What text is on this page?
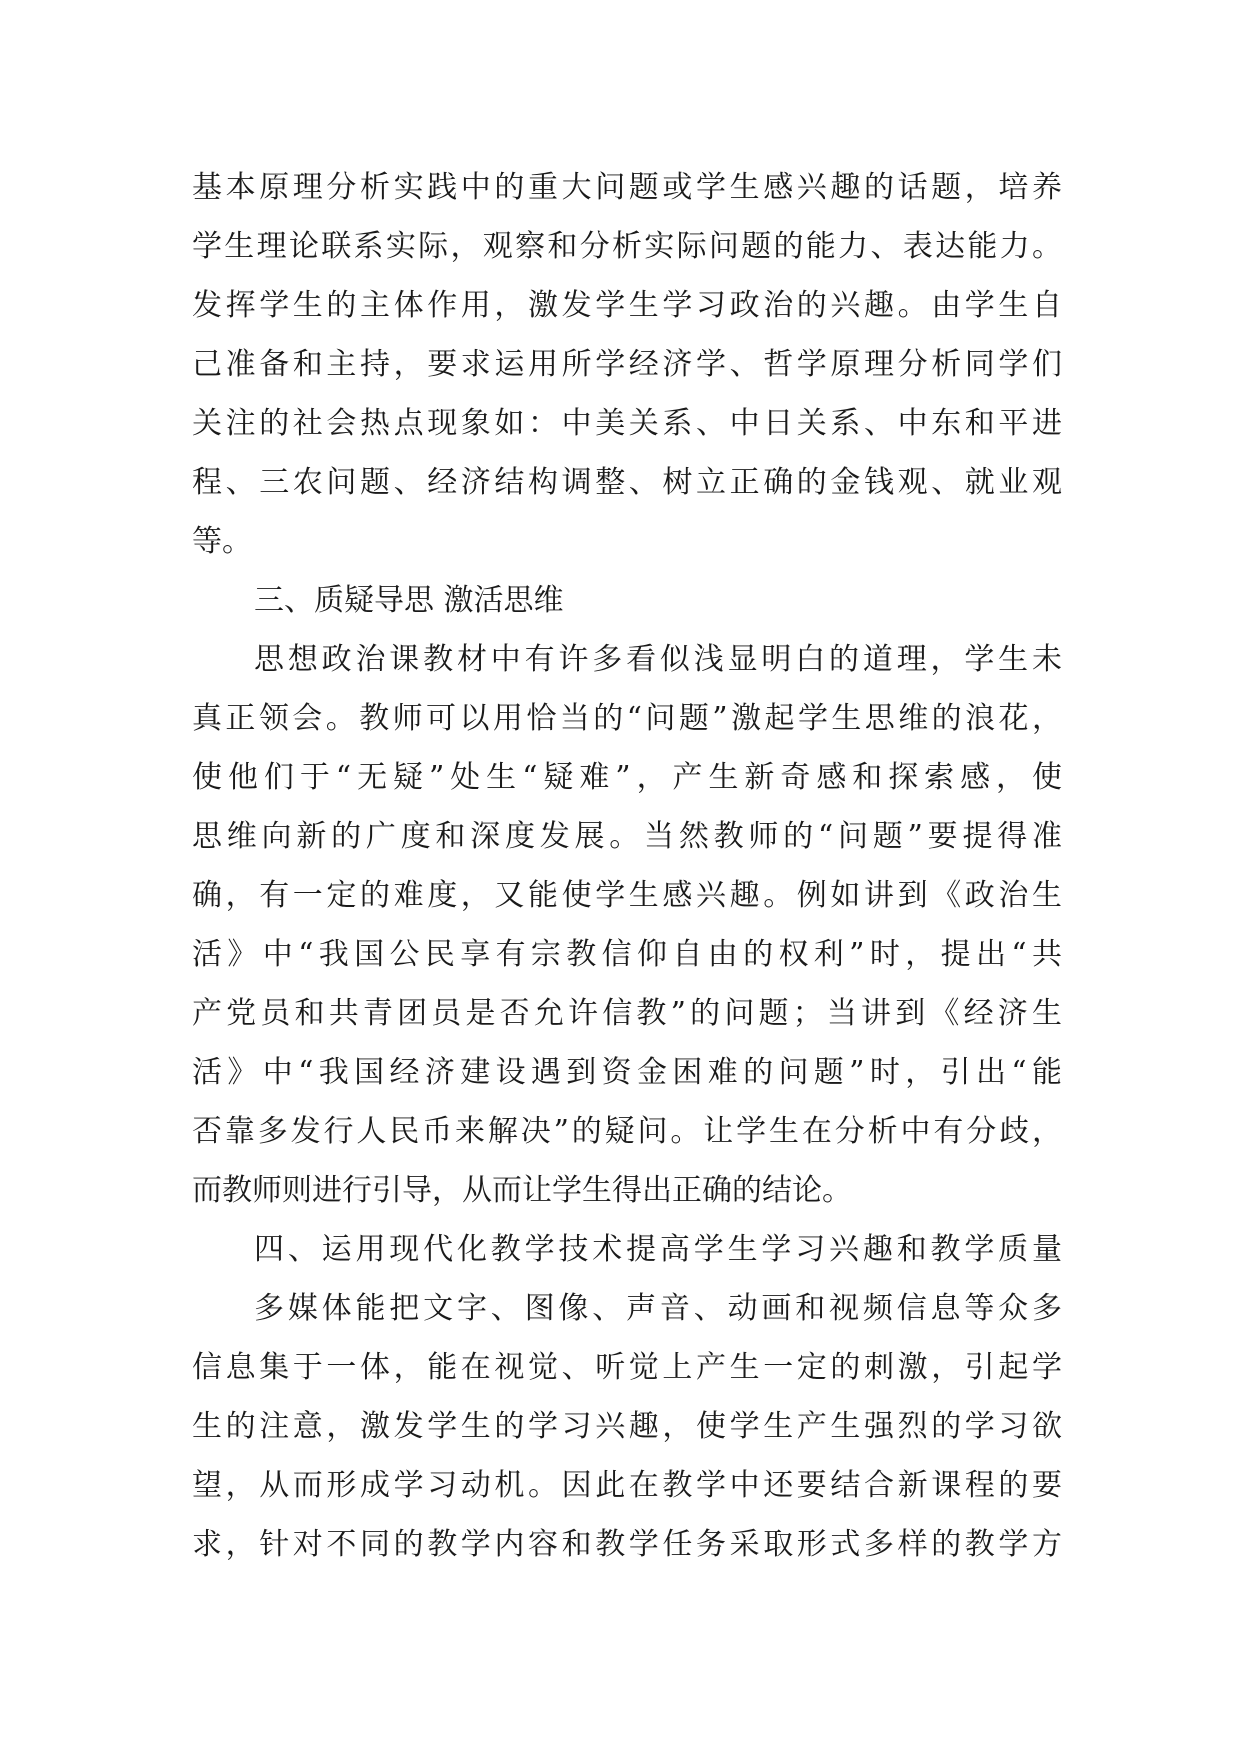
基本原理分析实践中的重大问题或学生感兴趣的话题，培养
学生理论联系实际，观察和分析实际问题的能力、表达能力。
发挥学生的主体作用，激发学生学习政治的兴趣。由学生自
己准备和主持，要求运用所学经济学、哲学原理分析同学们
关注的社会热点现象如：中美关系、中日关系、中东和平进
程、三农问题、经济结构调整、树立正确的金钱观、就业观
等。
三、质疑导思 激活思维
思想政治课教材中有许多看似浅显明白的道理，学生未
真正领会。教师可以用恰当的“问题”激起学生思维的浪花，
使他们于“无疑”处生“疑难”，产生新奇感和探索感，使
思维向新的广度和深度发展。当然教师的“问题”要提得准
确，有一定的难度，又能使学生感兴趣。例如讲到《政治生
活》中“我国公民享有宗教信仰自由的权利”时，提出“共
产党员和共青团员是否允许信教”的问题；当讲到《经济生
活》中“我国经济建设遇到资金困难的问题”时，引出“能
否靠多发行人民币来解决”的疑问。让学生在分析中有分歧，
而教师则进行引导，从而让学生得出正确的结论。
四、运用现代化教学技术提高学生学习兴趣和教学质量
多媒体能把文字、图像、声音、动画和视频信息等众多
信息集于一体，能在视觉、听觉上产生一定的刺激，引起学
生的注意，激发学生的学习兴趣，使学生产生强烈的学习欲
望，从而形成学习动机。因此在教学中还要结合新课程的要
求，针对不同的教学内容和教学任务采取形式多样的教学方
